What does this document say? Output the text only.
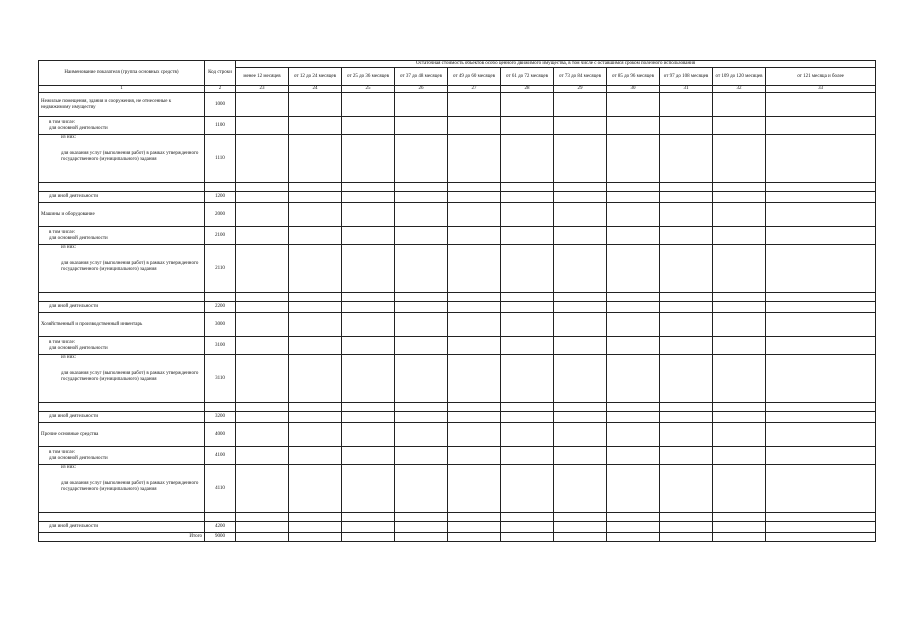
Наименование показателя (группа основных средств)	Код строки	Остаточная стоимость объектов особо ценного движимого имущества, в том числе с оставшимся сроком полезного использования										
		менее 12 месяцев	от 12 до 24 месяцев	от 25 до 36 месяцев	от 37 до 48 месяцев	от 49 до 60 месяцев	от 61 до 72 месяцев	от 73 до 84 месяцев	от 85 до 96 месяцев	от 97 до 108 месяцев	от 109 до 120 месяцев	от 121 месяца и более
1	2	23	24	25	26	27	28	29	30	31	32	33
Нежилые помещения, здания и сооружения, не отнесенные к недвижимому имуществу	1000											

в том числе:
для основной деятельности	1100											

из них:
для оказания услуг (выполнения работ) в рамках утвержденного государственного (муниципального) задания	1110											

для иной деятельности	1200											
Машины и оборудование	2000											

в том числе:
для основной деятельности	2100											

из них:
для оказания услуг (выполнения работ) в рамках утвержденного государственного (муниципального) задания	2110											

для иной деятельности	2200											
Хозяйственный и производственный инвентарь	3000											

в том числе:
для основной деятельности	3100											

из них:
для оказания услуг (выполнения работ) в рамках утвержденного государственного (муниципального) задания	3110											

для иной деятельности	3200											
Прочие основные средства	4000											

в том числе:
для основной деятельности	4100											

из них:
для оказания услуг (выполнения работ) в рамках утвержденного государственного (муниципального) задания	4110											

для иной деятельности	4200											
Итого	9000											
